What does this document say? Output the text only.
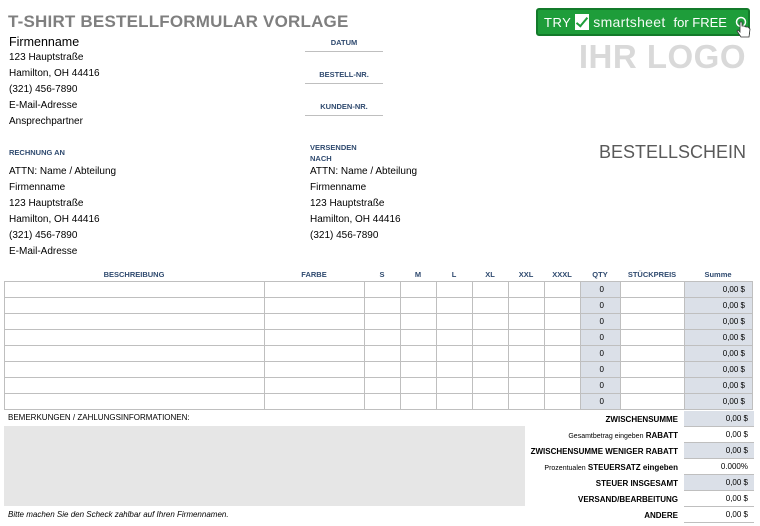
T-SHIRT BESTELLFORMULAR VORLAGE	TRY smartsheet for FREE
IHR LOGO
BESTELLSCHEIN
Firmenname
123 Hauptstraße
Hamilton, OH 44416
(321) 456-7890
E-Mail-Adresse
Ansprechpartner
DATUM
BESTELL-NR.
KUNDEN-NR.
RECHNUNG AN
ATTN: Name / Abteilung
Firmenname
123 Hauptstraße
Hamilton, OH 44416
(321) 456-7890
E-Mail-Adresse
VERSENDEN
NACH
ATTN: Name / Abteilung
Firmenname
123 Hauptstraße
Hamilton, OH 44416
(321) 456-7890
BESCHREIBUNG	FARBE	S	M	L	XL	XXL	XXXL	QTY	STÜCKPREIS	Summe
								0		0,00 $
								0		0,00 $
								0		0,00 $
								0		0,00 $
								0		0,00 $
								0		0,00 $
								0		0,00 $
								0		0,00 $
BEMERKUNGEN / ZAHLUNGSINFORMATIONEN:
Bitte machen Sie den Scheck zahlbar auf Ihren Firmennamen.
ZWISCHENSUMME	0,00 $
Gesamtbetrag eingeben RABATT	0,00 $
ZWISCHENSUMME WENIGER RABATT	0,00 $
Prozentualen STEUERSATZ eingeben	0.000%
STEUER INSGESAMT	0,00 $
VERSAND/BEARBEITUNG	0,00 $
ANDERE	0,00 $
